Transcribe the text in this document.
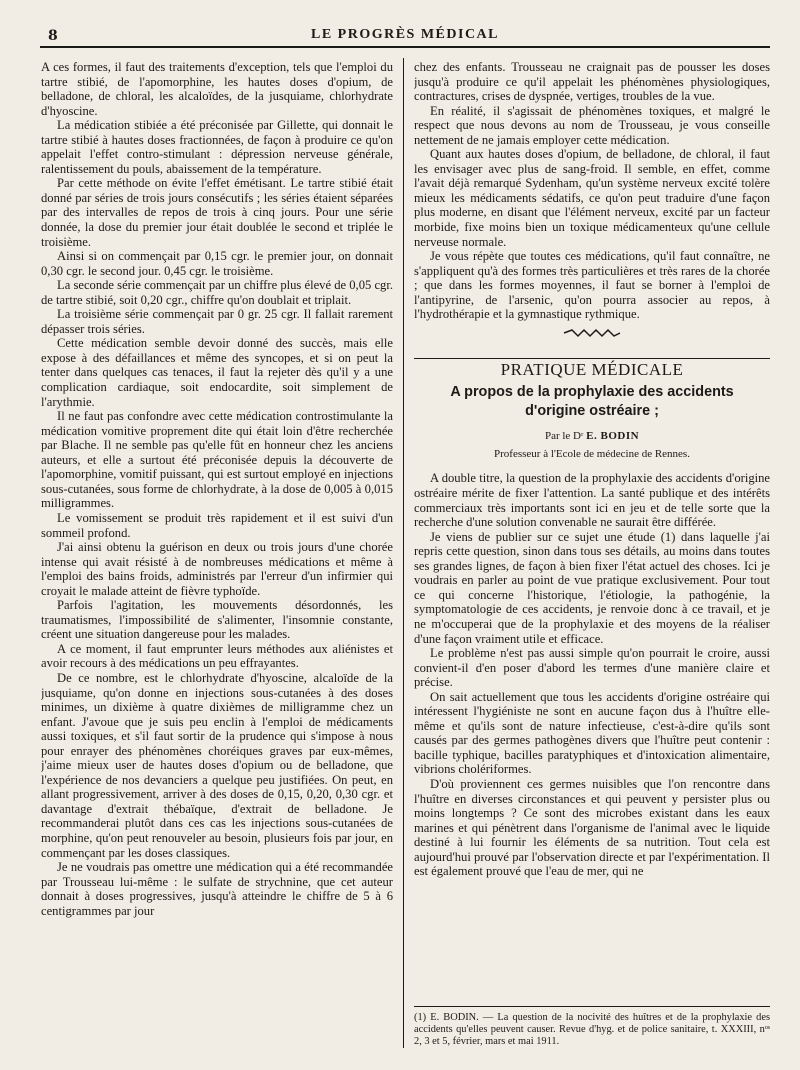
8	LE PROGRÈS MÉDICAL

A ces formes, il faut des traitements d'exception, tels que l'emploi du tartre stibié, de l'apomorphine, les hautes doses d'opium, de belladone, de chloral, les alcaloïdes, de la jusquiame, chlorhydrate d'hyoscine.

La médication stibiée a été préconisée par Gillette, qui donnait le tartre stibié à hautes doses fractionnées, de façon à produire ce qu'on appelait l'effet contro-stimulant : dépression nerveuse générale, ralentissement du pouls, abaissement de la température.

Par cette méthode on évite l'effet émétisant. Le tartre stibié était donné par séries de trois jours consécutifs ; les séries étaient séparées par des intervalles de repos de trois à cinq jours. Pour une série donnée, la dose du premier jour était doublée le second et triplée le troisième.

Ainsi si on commençait par 0,15 cgr. le premier jour, on donnait 0,30 cgr. le second jour. 0,45 cgr. le troisième.

La seconde série commençait par un chiffre plus élevé de 0,05 cgr. de tartre stibié, soit 0,20 cgr., chiffre qu'on doublait et triplait.

La troisième série commençait par 0 gr. 25 cgr. Il fallait rarement dépasser trois séries.

Cette médication semble devoir donné des succès, mais elle expose à des défaillances et même des syncopes, et si on peut la tenter dans quelques cas tenaces, il faut la rejeter dès qu'il y a une complication cardiaque, soit endocardite, soit simplement de l'arythmie.

Il ne faut pas confondre avec cette médication controstimulante la médication vomitive proprement dite qui était loin d'être recherchée par Blache. Il ne semble pas qu'elle fût en honneur chez les anciens auteurs, et elle a surtout été préconisée depuis la découverte de l'apomorphine, vomitif puissant, qui est surtout employé en injections sous-cutanées, sous forme de chlorhydrate, à la dose de 0,005 à 0,015 milligrammes.

Le vomissement se produit très rapidement et il est suivi d'un sommeil profond.

J'ai ainsi obtenu la guérison en deux ou trois jours d'une chorée intense qui avait résisté à de nombreuses médications et même à l'emploi des bains froids, administrés par l'erreur d'un infirmier qui croyait le malade atteint de fièvre typhoïde.

Parfois l'agitation, les mouvements désordonnés, les traumatismes, l'impossibilité de s'alimenter, l'insomnie constante, créent une situation dangereuse pour les malades.

A ce moment, il faut emprunter leurs méthodes aux aliénistes et avoir recours à des médications un peu effrayantes.

De ce nombre, est le chlorhydrate d'hyoscine, alcaloïde de la jusquiame, qu'on donne en injections sous-cutanées à des doses minimes, un dixième à quatre dixièmes de milligramme chez un enfant. J'avoue que je suis peu enclin à l'emploi de médicaments aussi toxiques, et s'il faut sortir de la prudence qui s'impose à nous pour enrayer des phénomènes choréiques graves par eux-mêmes, j'aime mieux user de hautes doses d'opium ou de belladone, que l'expérience de nos devanciers a quelque peu justifiées. On peut, en allant progressivement, arriver à des doses de 0,15, 0,20, 0,30 cgr. et davantage d'extrait thébaïque, d'extrait de belladone. Je recommanderai plutôt dans ces cas les injections sous-cutanées de morphine, qu'on peut renouveler au besoin, plusieurs fois par jour, en commençant par les doses classiques.

Je ne voudrais pas omettre une médication qui a été recommandée par Trousseau lui-même : le sulfate de strychnine, que cet auteur donnait à doses progressives, jusqu'à atteindre le chiffre de 5 à 6 centigrammes par jour

chez des enfants. Trousseau ne craignait pas de pousser les doses jusqu'à produire ce qu'il appelait les phénomènes physiologiques, contractures, crises de dyspnée, vertiges, troubles de la vue.

En réalité, il s'agissait de phénomènes toxiques, et malgré le respect que nous devons au nom de Trousseau, je vous conseille nettement de ne jamais employer cette médication.

Quant aux hautes doses d'opium, de belladone, de chloral, il faut les envisager avec plus de sang-froid. Il semble, en effet, comme l'avait déjà remarqué Sydenham, qu'un système nerveux excité tolère mieux les médicaments sédatifs, ce qu'on peut traduire d'une façon plus moderne, en disant que l'élément nerveux, excité par un facteur morbide, fixe moins bien un toxique médicamenteux qu'une cellule nerveuse normale.

Je vous répète que toutes ces médications, qu'il faut connaître, ne s'appliquent qu'à des formes très particulières et très rares de la chorée ; que dans les formes moyennes, il faut se borner à l'emploi de l'antipyrine, de l'arsenic, qu'on pourra associer au repos, à l'hydrothérapie et la gymnastique rythmique.

PRATIQUE MÉDICALE
A propos de la prophylaxie des accidents
d'origine ostréaire ;
Par le Dʳ E. BODIN
Professeur à l'Ecole de médecine de Rennes.

A double titre, la question de la prophylaxie des accidents d'origine ostréaire mérite de fixer l'attention. La santé publique et des intérêts commerciaux très importants sont ici en jeu et de telle sorte que la recherche d'une solution convenable ne saurait être différée.

Je viens de publier sur ce sujet une étude (1) dans laquelle j'ai repris cette question, sinon dans tous ses détails, au moins dans toutes ses grandes lignes, de façon à bien fixer l'état actuel des choses. Ici je voudrais en parler au point de vue pratique exclusivement. Pour tout ce qui concerne l'historique, l'étiologie, la pathogénie, la symptomatologie de ces accidents, je renvoie donc à ce travail, et je ne m'occuperai que de la prophylaxie et des moyens de la réaliser d'une façon vraiment utile et efficace.

Le problème n'est pas aussi simple qu'on pourrait le croire, aussi convient-il d'en poser d'abord les termes d'une manière claire et précise.

On sait actuellement que tous les accidents d'origine ostréaire qui intéressent l'hygiéniste ne sont en aucune façon dus à l'huître elle-même et qu'ils sont de nature infectieuse, c'est-à-dire qu'ils sont causés par des germes pathogènes divers que l'huître peut contenir : bacille typhique, bacilles paratyphiques et d'intoxication alimentaire, vibrions cholériformes.

D'où proviennent ces germes nuisibles que l'on rencontre dans l'huître en diverses circonstances et qui peuvent y persister plus ou moins longtemps ? Ce sont des microbes existant dans les eaux marines et qui pénètrent dans l'organisme de l'animal avec le liquide destiné à lui fournir les éléments de sa nutrition. Tout cela est aujourd'hui prouvé par l'observation directe et par l'expérimentation. Il est également prouvé que l'eau de mer, qui ne

(1) E. BODIN. — La question de la nocivité des huîtres et de la prophylaxie des accidents qu'elles peuvent causer. Revue d'hyg. et de police sanitaire, t. XXXIII, nᵒˢ 2, 3 et 5, février, mars et mai 1911.
